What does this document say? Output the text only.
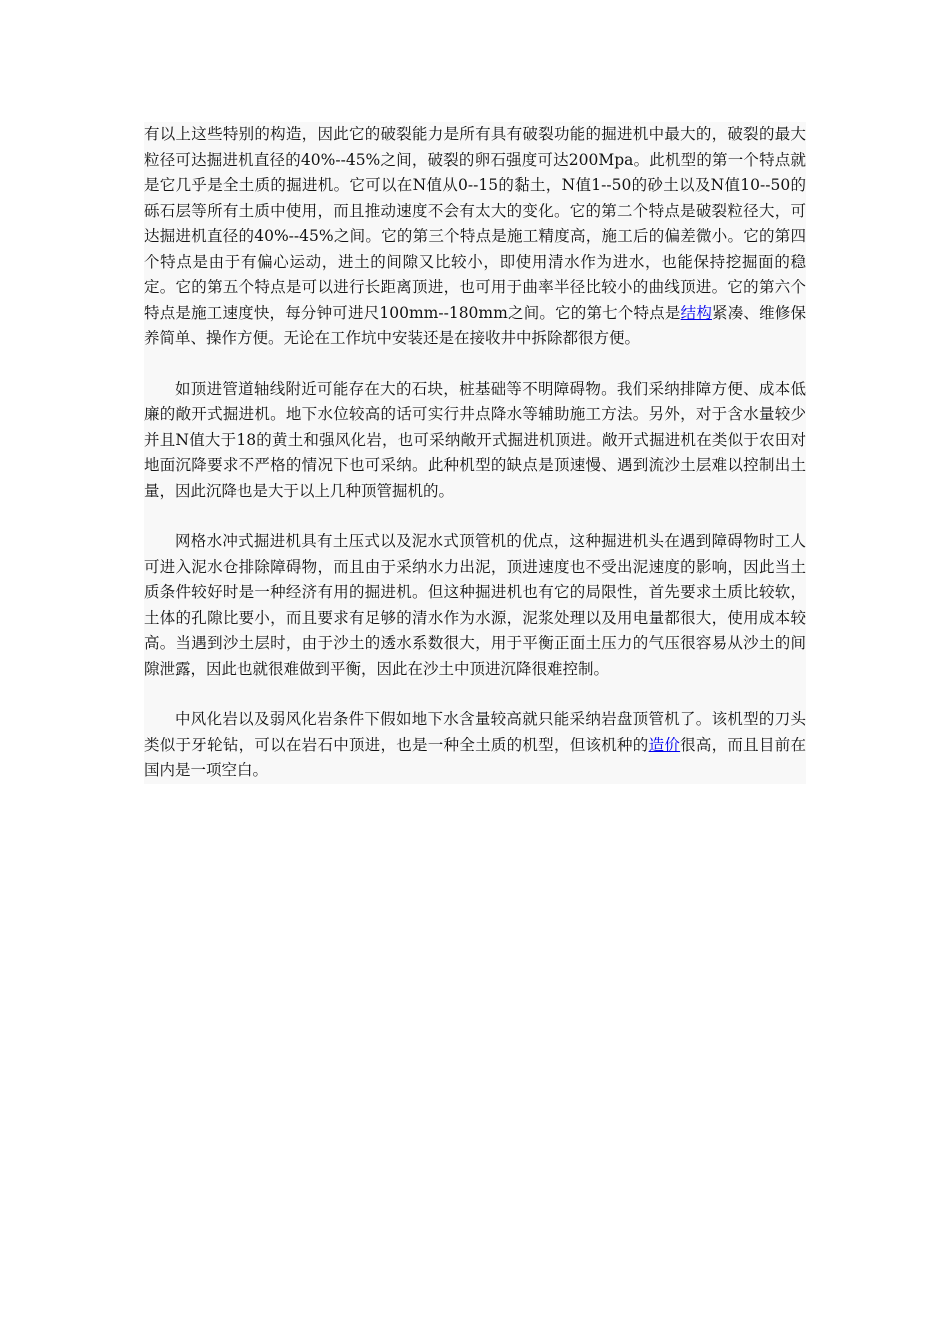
有以上这些特别的构造，因此它的破裂能力是所有具有破裂功能的掘进机中最大的，破裂的最大粒径可达掘进机直径的40%--45%之间，破裂的卵石强度可达200Mpa。此机型的第一个特点就是它几乎是全土质的掘进机。它可以在N值从0--15的黏土，N值1--50的砂土以及N值10--50的砾石层等所有土质中使用，而且推动速度不会有太大的变化。它的第二个特点是破裂粒径大，可达掘进机直径的40%--45%之间。它的第三个特点是施工精度高，施工后的偏差微小。它的第四个特点是由于有偏心运动，进土的间隙又比较小，即使用清水作为进水，也能保持挖掘面的稳定。它的第五个特点是可以进行长距离顶进，也可用于曲率半径比较小的曲线顶进。它的第六个特点是施工速度快，每分钟可进尺100mm--180mm之间。它的第七个特点是结构紧凑、维修保养简单、操作方便。无论在工作坑中安装还是在接收井中拆除都很方便。

如顶进管道轴线附近可能存在大的石块，桩基础等不明障碍物。我们采纳排障方便、成本低廉的敞开式掘进机。地下水位较高的话可实行井点降水等辅助施工方法。另外，对于含水量较少并且N值大于18的黄土和强风化岩，也可采纳敞开式掘进机顶进。敞开式掘进机在类似于农田对地面沉降要求不严格的情况下也可采纳。此种机型的缺点是顶速慢、遇到流沙土层难以控制出土量，因此沉降也是大于以上几种顶管掘机的。

网格水冲式掘进机具有土压式以及泥水式顶管机的优点，这种掘进机头在遇到障碍物时工人可进入泥水仓排除障碍物，而且由于采纳水力出泥，顶进速度也不受出泥速度的影响，因此当土质条件较好时是一种经济有用的掘进机。但这种掘进机也有它的局限性，首先要求土质比较软，土体的孔隙比要小，而且要求有足够的清水作为水源，泥浆处理以及用电量都很大，使用成本较高。当遇到沙土层时，由于沙土的透水系数很大，用于平衡正面土压力的气压很容易从沙土的间隙泄露，因此也就很难做到平衡，因此在沙土中顶进沉降很难控制。

中风化岩以及弱风化岩条件下假如地下水含量较高就只能采纳岩盘顶管机了。该机型的刀头类似于牙轮钻，可以在岩石中顶进，也是一种全土质的机型，但该机种的造价很高，而且目前在国内是一项空白。
